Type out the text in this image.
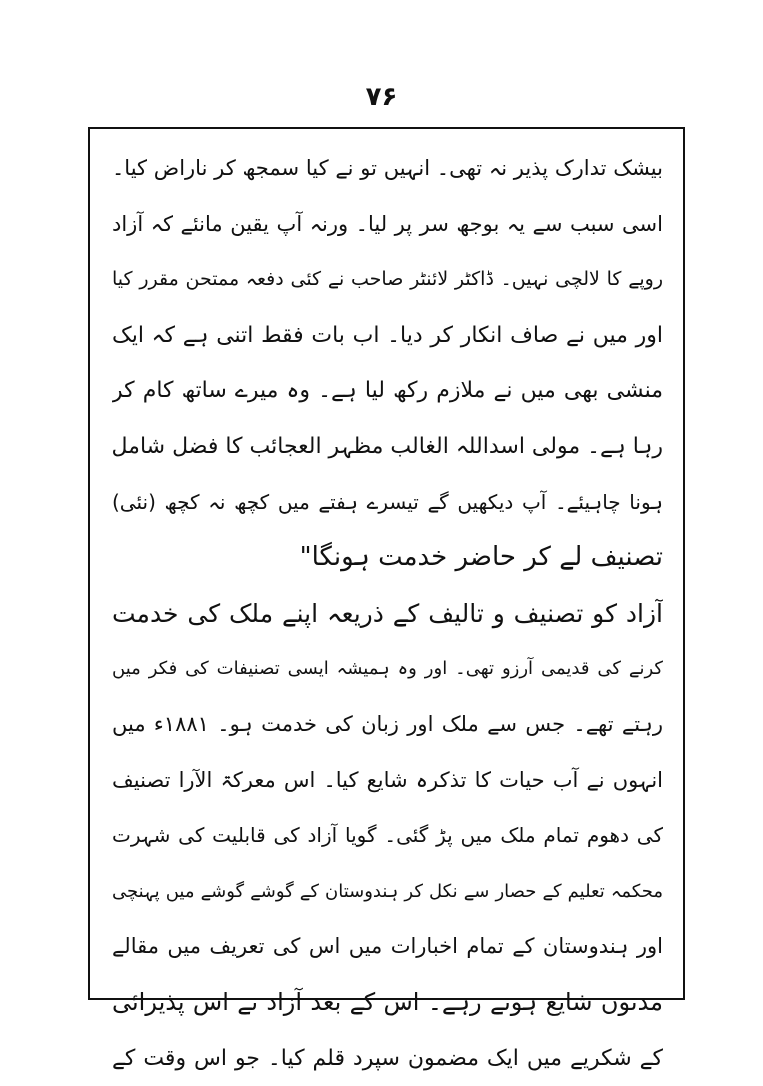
۷۶
بیشک تدارک پذیر نہ تھی۔ انہیں تو نے کیا سمجھ کر ناراض کیا۔
اسی سبب سے یہ بوجھ سر پر لیا۔ ورنہ آپ یقین مانئے کہ آزاد
روپے کا لالچی نہیں۔ ڈاکٹر لائنٹر صاحب نے کئی دفعہ ممتحن مقرر کیا
اور میں نے صاف انکار کر دیا۔ اب بات فقط اتنی ہے کہ ایک
منشی بھی میں نے ملازم رکھ لیا ہے۔ وہ میرے ساتھ کام کر
رہا ہے۔ مولی اسداللہ الغالب مظہر العجائب کا فضل شامل
ہونا چاہیئے۔ آپ دیکھیں گے تیسرے ہفتے میں کچھ نہ کچھ (نئی)
تصنیف لے کر حاضر خدمت ہونگا"
آزاد کو تصنیف و تالیف کے ذریعہ اپنے ملک کی خدمت
کرنے کی قدیمی آرزو تھی۔ اور وہ ہمیشہ ایسی تصنیفات کی فکر میں
رہتے تھے۔ جس سے ملک اور زبان کی خدمت ہو۔ ۱۸۸۱ء میں
انہوں نے آب حیات کا تذکرہ شایع کیا۔ اس معرکۃ الآرا تصنیف
کی دھوم تمام ملک میں پڑ گئی۔ گویا آزاد کی قابلیت کی شہرت
محکمہ تعلیم کے حصار سے نکل کر ہندوستان کے گوشے گوشے میں پہنچی
اور ہندوستان کے تمام اخبارات میں اس کی تعریف میں مقالے
مدتوں شایع ہوتے رہے۔ اس کے بعد آزاد نے اس پذیرائی
کے شکریے میں ایک مضمون سپرد قلم کیا۔ جو اس وقت کے
